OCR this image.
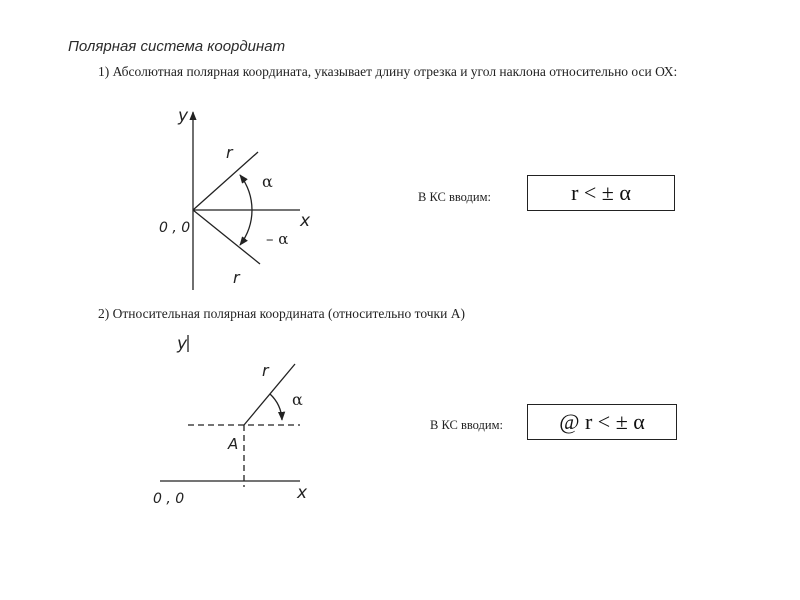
Полярная система координат
1) Абсолютная полярная координата, указывает длину отрезка и угол наклона относительно оси ОХ:
y
x
0 , 0
r
r
α
– α
y
x
0 , 0
A
r
α
В КС вводим:	r < ± α
2) Относительная полярная координата (относительно точки А)
В КС вводим:	@ r < ± α
